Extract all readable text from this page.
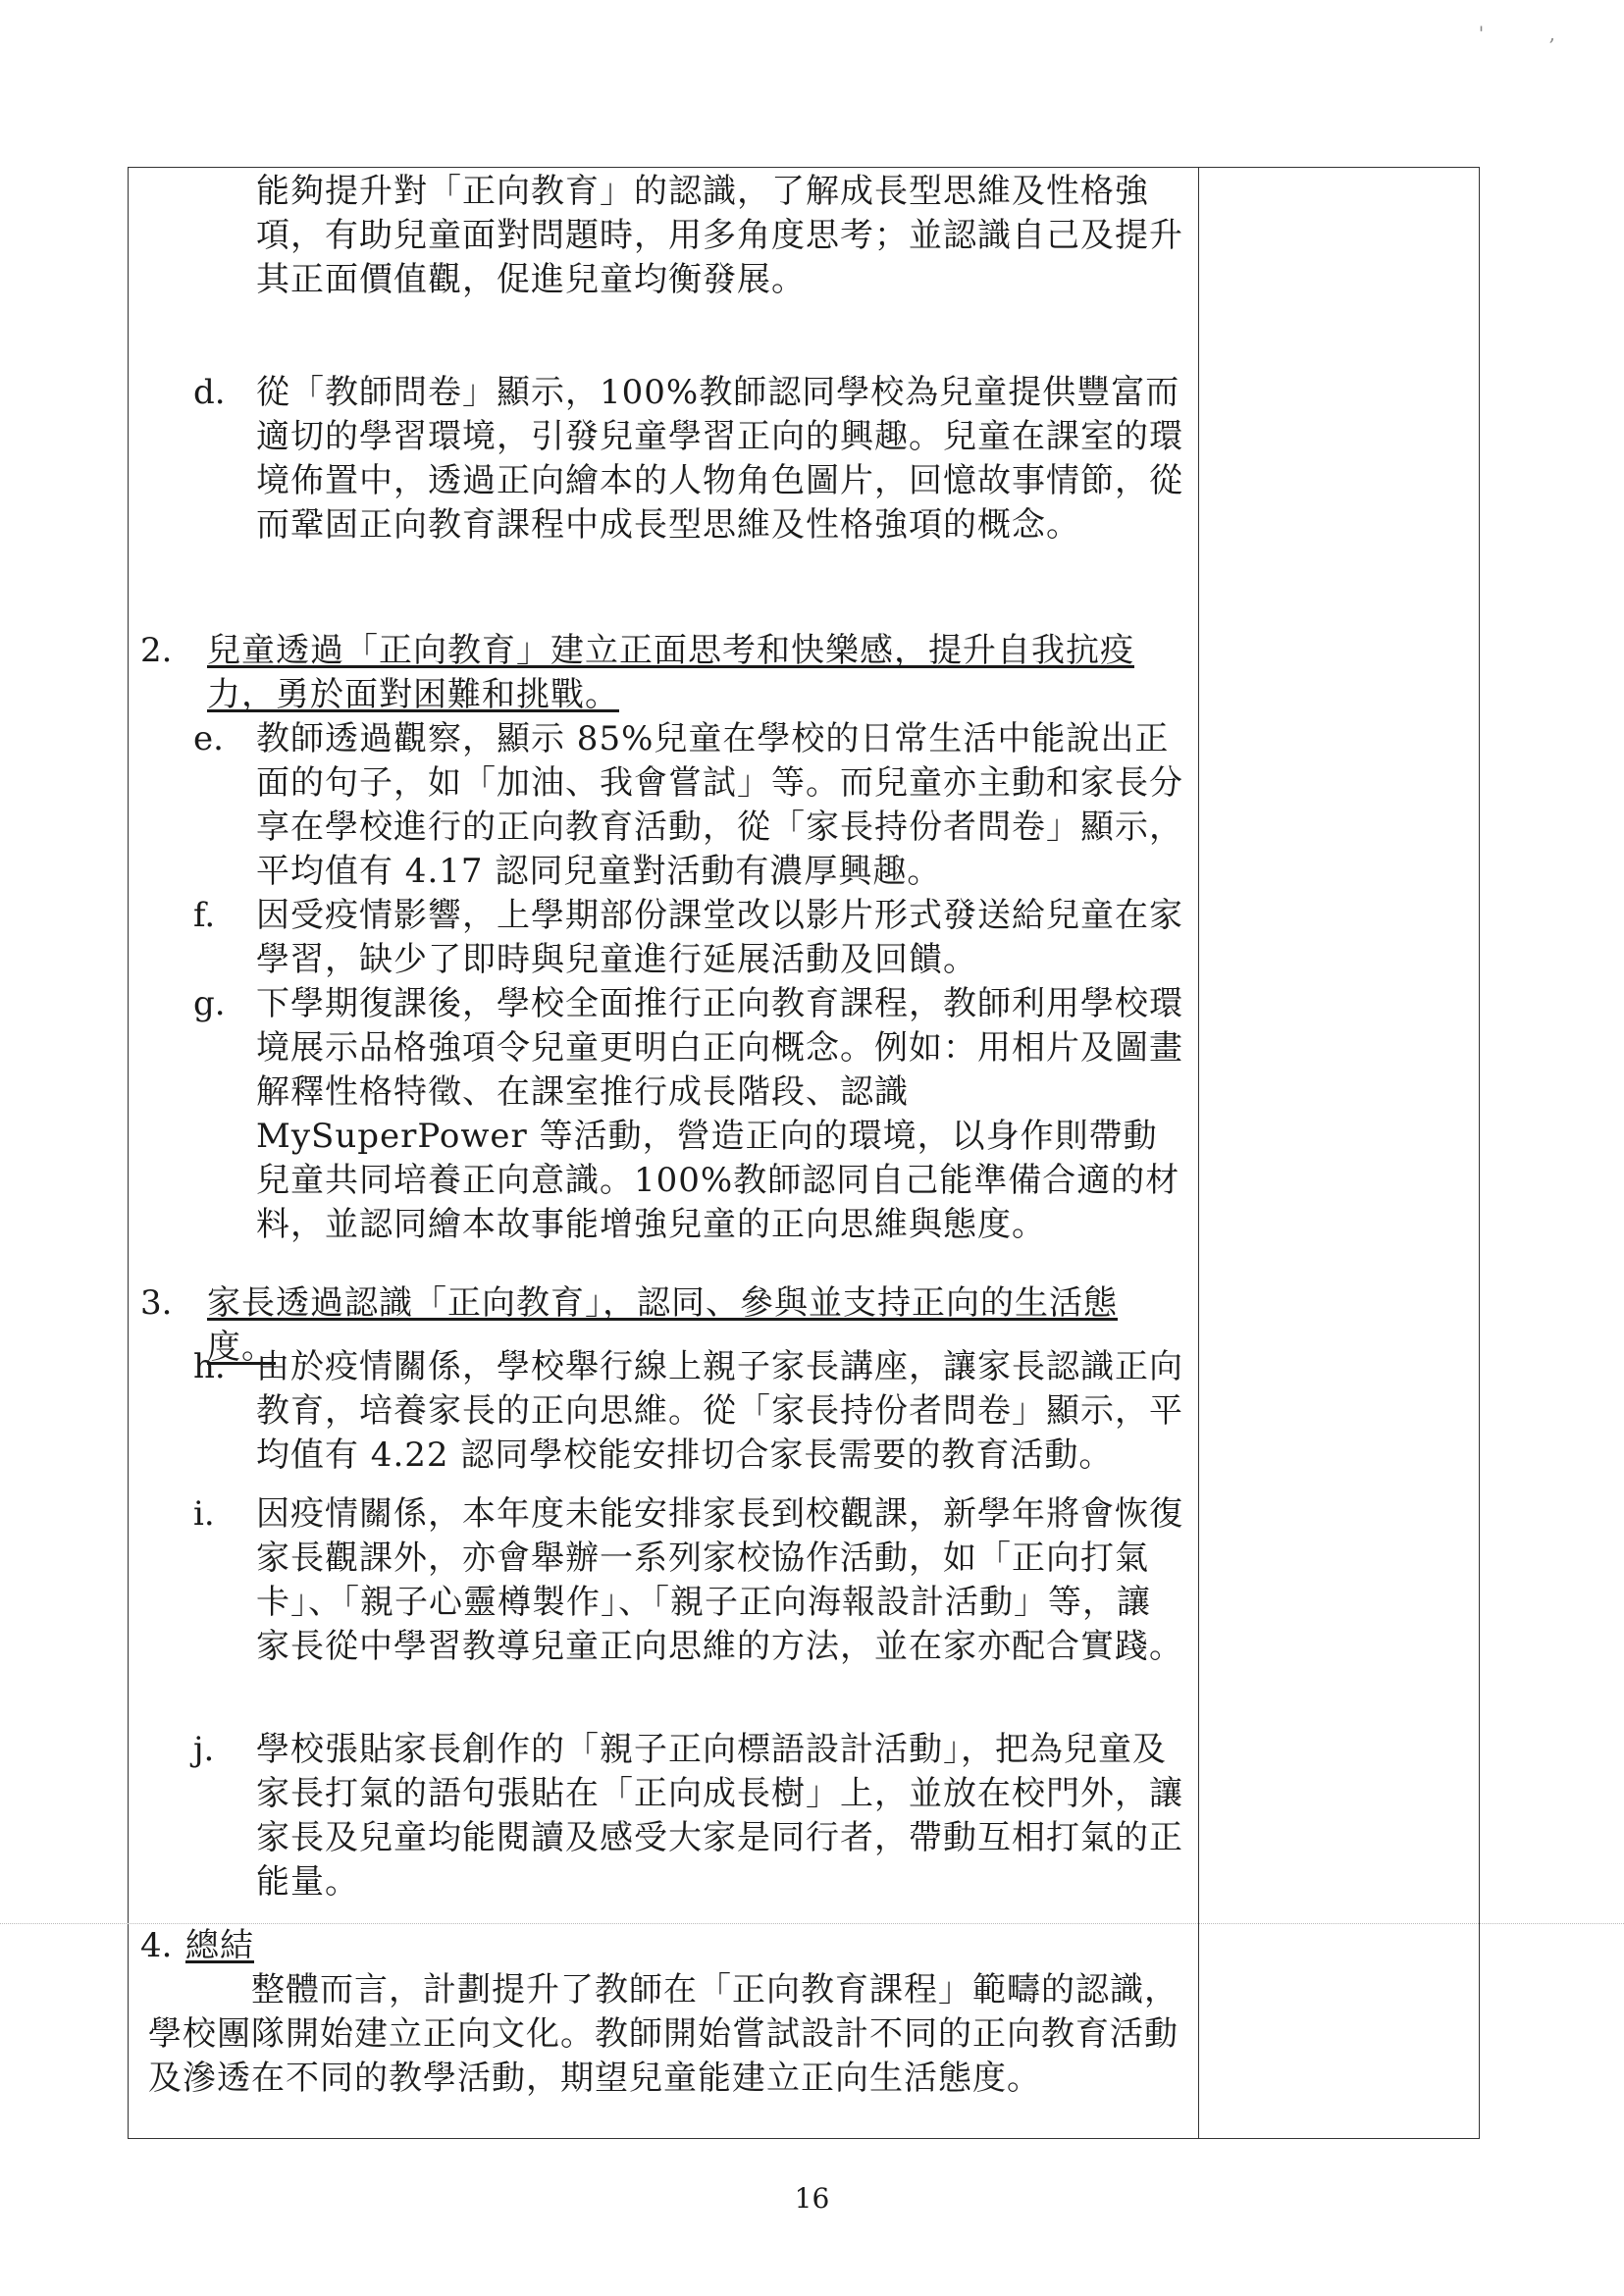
' ,
能夠提升對「正向教育」的認識，了解成長型思維及性格強項，有助兒童面對問題時，用多角度思考；並認識自己及提升其正面價值觀，促進兒童均衡發展。
d. 從「教師問卷」顯示，100%教師認同學校為兒童提供豐富而適切的學習環境，引發兒童學習正向的興趣。兒童在課室的環境佈置中，透過正向繪本的人物角色圖片，回憶故事情節，從而鞏固正向教育課程中成長型思維及性格強項的概念。
2. 兒童透過「正向教育」建立正面思考和快樂感，提升自我抗疫力，勇於面對困難和挑戰。
e. 教師透過觀察，顯示 85%兒童在學校的日常生活中能說出正面的句子，如「加油、我會嘗試」等。而兒童亦主動和家長分享在學校進行的正向教育活動，從「家長持份者問卷」顯示，平均值有 4.17 認同兒童對活動有濃厚興趣。
f. 因受疫情影響，上學期部份課堂改以影片形式發送給兒童在家學習，缺少了即時與兒童進行延展活動及回饋。
g. 下學期復課後，學校全面推行正向教育課程，教師利用學校環境展示品格強項令兒童更明白正向概念。例如：用相片及圖畫解釋性格特徵、在課室推行成長階段、認識 MySuperPower 等活動，營造正向的環境，以身作則帶動兒童共同培養正向意識。100%教師認同自己能準備合適的材料，並認同繪本故事能增強兒童的正向思維與態度。
3. 家長透過認識「正向教育」，認同、參與並支持正向的生活態度。
h. 由於疫情關係，學校舉行線上親子家長講座，讓家長認識正向教育，培養家長的正向思維。從「家長持份者問卷」顯示，平均值有 4.22 認同學校能安排切合家長需要的教育活動。
i. 因疫情關係，本年度未能安排家長到校觀課，新學年將會恢復家長觀課外，亦會舉辦一系列家校協作活動，如「正向打氣卡」、「親子心靈樽製作」、「親子正向海報設計活動」等，讓家長從中學習教導兒童正向思維的方法，並在家亦配合實踐。
j. 學校張貼家長創作的「親子正向標語設計活動」，把為兒童及家長打氣的語句張貼在「正向成長樹」上，並放在校門外，讓家長及兒童均能閱讀及感受大家是同行者，帶動互相打氣的正能量。
4. 總結
整體而言，計劃提升了教師在「正向教育課程」範疇的認識，學校團隊開始建立正向文化。教師開始嘗試設計不同的正向教育活動及滲透在不同的教學活動，期望兒童能建立正向生活態度。
16
